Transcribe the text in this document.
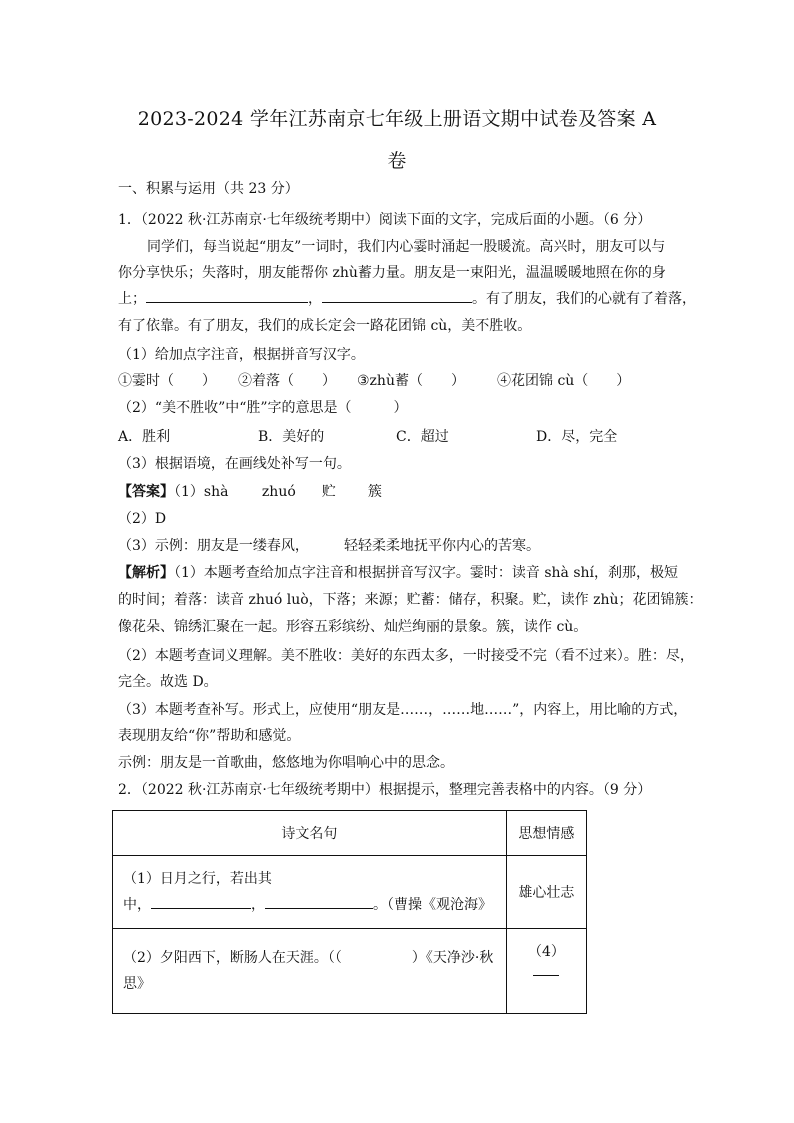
2023-2024 学年江苏南京七年级上册语文期中试卷及答案 A
卷
一、积累与运用（共 23 分）
1．（2022 秋·江苏南京·七年级统考期中）阅读下面的文字，完成后面的小题。（6 分）
同学们，每当说起“朋友”一词时，我们内心霎时涌起一股暖流。高兴时，朋友可以与
你分享快乐；失落时，朋友能帮你 zhù蓄力量。朋友是一束阳光，温温暖暖地照在你的身
上；	，	。有了朋友，我们的心就有了着落，
有了依靠。有了朋友，我们的成长定会一路花团锦 cù，美不胜收。
（1）给加点字注音，根据拼音写汉字。
①霎时（　　） ②着落（　　） ③zhù蓄（　　） ④花团锦 cù（　　）
（2）“美不胜收”中“胜”字的意思是（　　　）
A．胜利	B．美好的	C．超过	D．尽，完全
（3）根据语境，在画线处补写一句。
【答案】（1）shà zhuó 贮 簇
（2）D
（3）示例：朋友是一缕春风，	轻轻柔柔地抚平你内心的苦寒。
【解析】（1）本题考查给加点字注音和根据拼音写汉字。霎时：读音 shà shí，刹那，极短
的时间；着落：读音 zhuó luò，下落；来源；贮蓄：储存，积聚。贮，读作 zhù；花团锦簇：
像花朵、锦绣汇聚在一起。形容五彩缤纷、灿烂绚丽的景象。簇，读作 cù。
（2）本题考查词义理解。美不胜收：美好的东西太多，一时接受不完（看不过来）。胜：尽，
完全。故选 D。
（3）本题考查补写。形式上，应使用“朋友是……，……地……”，内容上，用比喻的方式，
表现朋友给“你”帮助和感觉。
示例：朋友是一首歌曲，悠悠地为你唱响心中的思念。
2．（2022 秋·江苏南京·七年级统考期中）根据提示，整理完善表格中的内容。（9 分）
诗文名句	思想情感

（1）日月之行，若出其
中， ， 。（曹操《观沧海》	雄心壮志

（2）夕阳西下，断肠人在天涯。（（　　　　　）《天净沙·秋
思》	（4）
